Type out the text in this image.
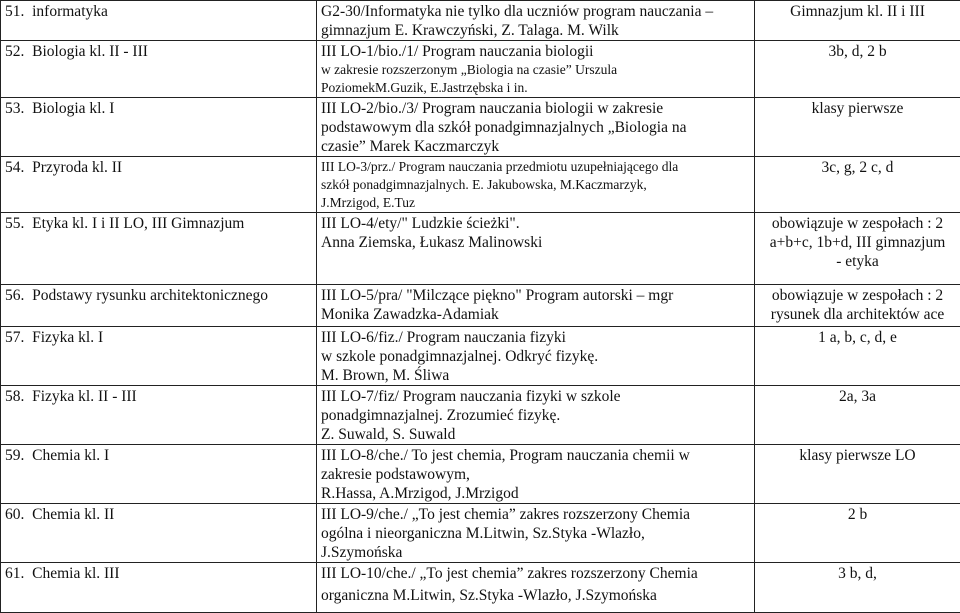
51. informatyka	G2-30/Informatyka nie tylko dla uczniów program nauczania –
gimnazjum E. Krawczyński, Z. Talaga. M. Wilk	Gimnazjum kl. II i III

52. Biologia kl. II - III	III LO-1/bio./1/ Program nauczania biologii
w zakresie rozszerzonym „Biologia na czasie” Urszula
PoziomekM.Guzik, E.Jastrzębska i in.	3b, d, 2 b

53. Biologia kl. I	III LO-2/bio./3/ Program nauczania biologii w zakresie
podstawowym dla szkół ponadgimnazjalnych „Biologia na
czasie” Marek Kaczmarczyk	klasy pierwsze

54. Przyroda kl. II	III LO-3/prz./ Program nauczania przedmiotu uzupełniającego dla
szkół ponadgimnazjalnych. E. Jakubowska, M.Kaczmarzyk,
J.Mrzigod, E.Tuz	3c, g, 2 c, d

55. Etyka kl. I i II LO, III Gimnazjum	III LO-4/ety/" Ludzkie ścieżki".
Anna Ziemska, Łukasz Malinowski	obowiązuje w zespołach : 2
a+b+c, 1b+d, III gimnazjum
- etyka

56. Podstawy rysunku architektonicznego	III LO-5/pra/ "Milczące piękno" Program autorski – mgr
Monika Zawadzka-Adamiak	obowiązuje w zespołach : 2
rysunek dla architektów ace

57. Fizyka kl. I	III LO-6/fiz./ Program nauczania fizyki
w szkole ponadgimnazjalnej. Odkryć fizykę.
M. Brown, M. Śliwa	1 a, b, c, d, e

58. Fizyka kl. II - III	III LO-7/fiz/ Program nauczania fizyki w szkole
ponadgimnazjalnej. Zrozumieć fizykę.
Z. Suwald, S. Suwald	2a, 3a

59. Chemia kl. I	III LO-8/che./ To jest chemia, Program nauczania chemii w
zakresie podstawowym,
R.Hassa, A.Mrzigod, J.Mrzigod	klasy pierwsze LO

60. Chemia kl. II	III LO-9/che./ „To jest chemia” zakres rozszerzony Chemia
ogólna i nieorganiczna M.Litwin, Sz.Styka -Wlazło,
J.Szymońska	2 b

61. Chemia kl. III	III LO-10/che./ „To jest chemia” zakres rozszerzony Chemia
organiczna M.Litwin, Sz.Styka -Wlazło, J.Szymońska	3 b, d,
